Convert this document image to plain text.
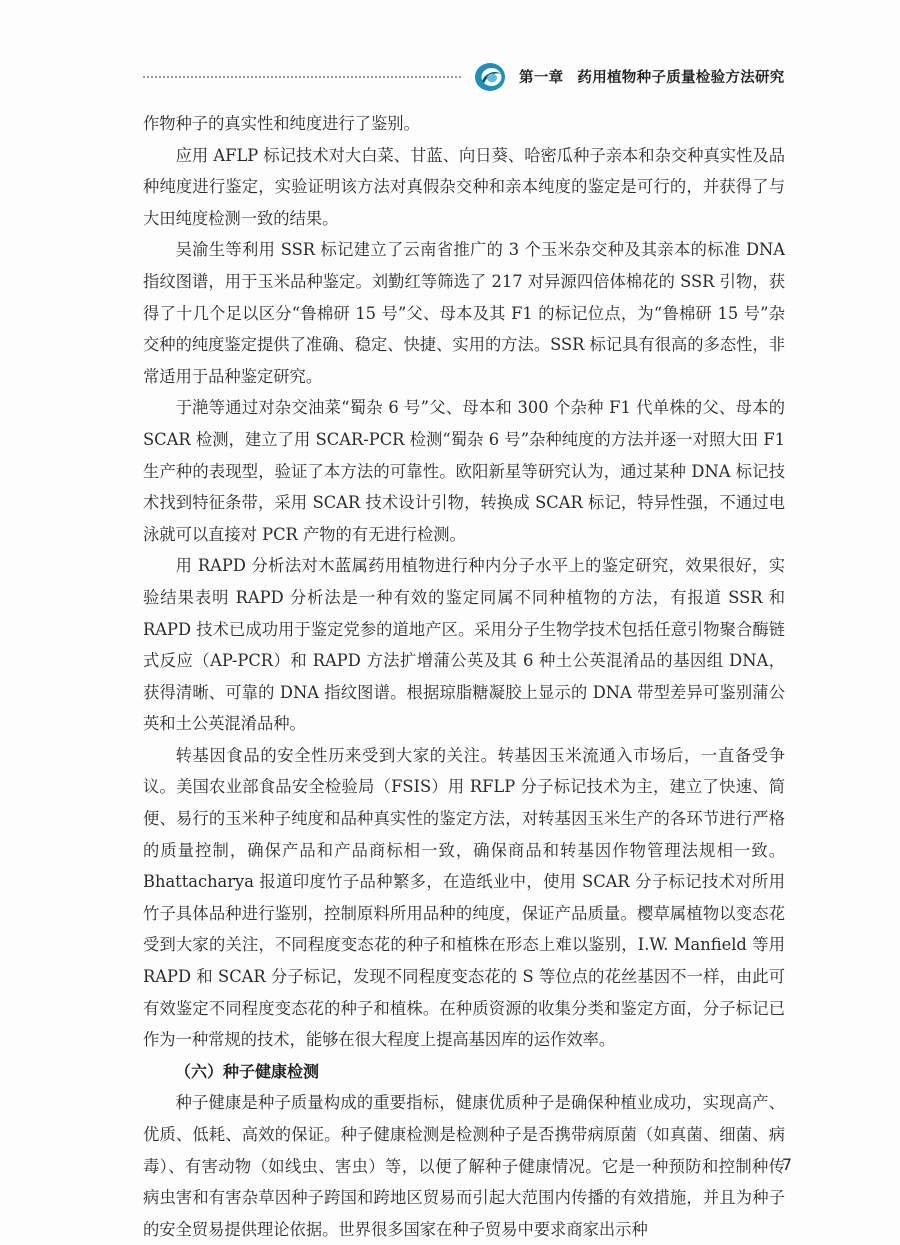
第一章 药用植物种子质量检验方法研究

作物种子的真实性和纯度进行了鉴别。

应用 AFLP 标记技术对大白菜、甘蓝、向日葵、哈密瓜种子亲本和杂交种真实性及品种纯度进行鉴定，实验证明该方法对真假杂交种和亲本纯度的鉴定是可行的，并获得了与大田纯度检测一致的结果。

吴渝生等利用 SSR 标记建立了云南省推广的 3 个玉米杂交种及其亲本的标准 DNA 指纹图谱，用于玉米品种鉴定。刘勤红等筛选了 217 对异源四倍体棉花的 SSR 引物，获得了十几个足以区分“鲁棉研 15 号”父、母本及其 F1 的标记位点，为“鲁棉研 15 号”杂交种的纯度鉴定提供了准确、稳定、快捷、实用的方法。SSR 标记具有很高的多态性，非常适用于品种鉴定研究。

于滟等通过对杂交油菜“蜀杂 6 号”父、母本和 300 个杂种 F1 代单株的父、母本的 SCAR 检测，建立了用 SCAR-PCR 检测“蜀杂 6 号”杂种纯度的方法并逐一对照大田 F1 生产种的表现型，验证了本方法的可靠性。欧阳新星等研究认为，通过某种 DNA 标记技术找到特征条带，采用 SCAR 技术设计引物，转换成 SCAR 标记，特异性强，不通过电泳就可以直接对 PCR 产物的有无进行检测。

用 RAPD 分析法对木蓝属药用植物进行种内分子水平上的鉴定研究，效果很好，实验结果表明 RAPD 分析法是一种有效的鉴定同属不同种植物的方法，有报道 SSR 和 RAPD 技术已成功用于鉴定党参的道地产区。采用分子生物学技术包括任意引物聚合酶链式反应（AP-PCR）和 RAPD 方法扩增蒲公英及其 6 种土公英混淆品的基因组 DNA，获得清晰、可靠的 DNA 指纹图谱。根据琼脂糖凝胶上显示的 DNA 带型差异可鉴别蒲公英和土公英混淆品种。

转基因食品的安全性历来受到大家的关注。转基因玉米流通入市场后，一直备受争议。美国农业部食品安全检验局（FSIS）用 RFLP 分子标记技术为主，建立了快速、简便、易行的玉米种子纯度和品种真实性的鉴定方法，对转基因玉米生产的各环节进行严格的质量控制，确保产品和产品商标相一致，确保商品和转基因作物管理法规相一致。Bhattacharya 报道印度竹子品种繁多，在造纸业中，使用 SCAR 分子标记技术对所用竹子具体品种进行鉴别，控制原料所用品种的纯度，保证产品质量。樱草属植物以变态花受到大家的关注，不同程度变态花的种子和植株在形态上难以鉴别，I.W. Manfield 等用 RAPD 和 SCAR 分子标记，发现不同程度变态花的 S 等位点的花丝基因不一样，由此可有效鉴定不同程度变态花的种子和植株。在种质资源的收集分类和鉴定方面，分子标记已作为一种常规的技术，能够在很大程度上提高基因库的运作效率。

（六）种子健康检测

种子健康是种子质量构成的重要指标，健康优质种子是确保种植业成功，实现高产、优质、低耗、高效的保证。种子健康检测是检测种子是否携带病原菌（如真菌、细菌、病毒）、有害动物（如线虫、害虫）等，以便了解种子健康情况。它是一种预防和控制种传病虫害和有害杂草因种子跨国和跨地区贸易而引起大范围内传播的有效措施，并且为种子的安全贸易提供理论依据。世界很多国家在种子贸易中要求商家出示种

7
